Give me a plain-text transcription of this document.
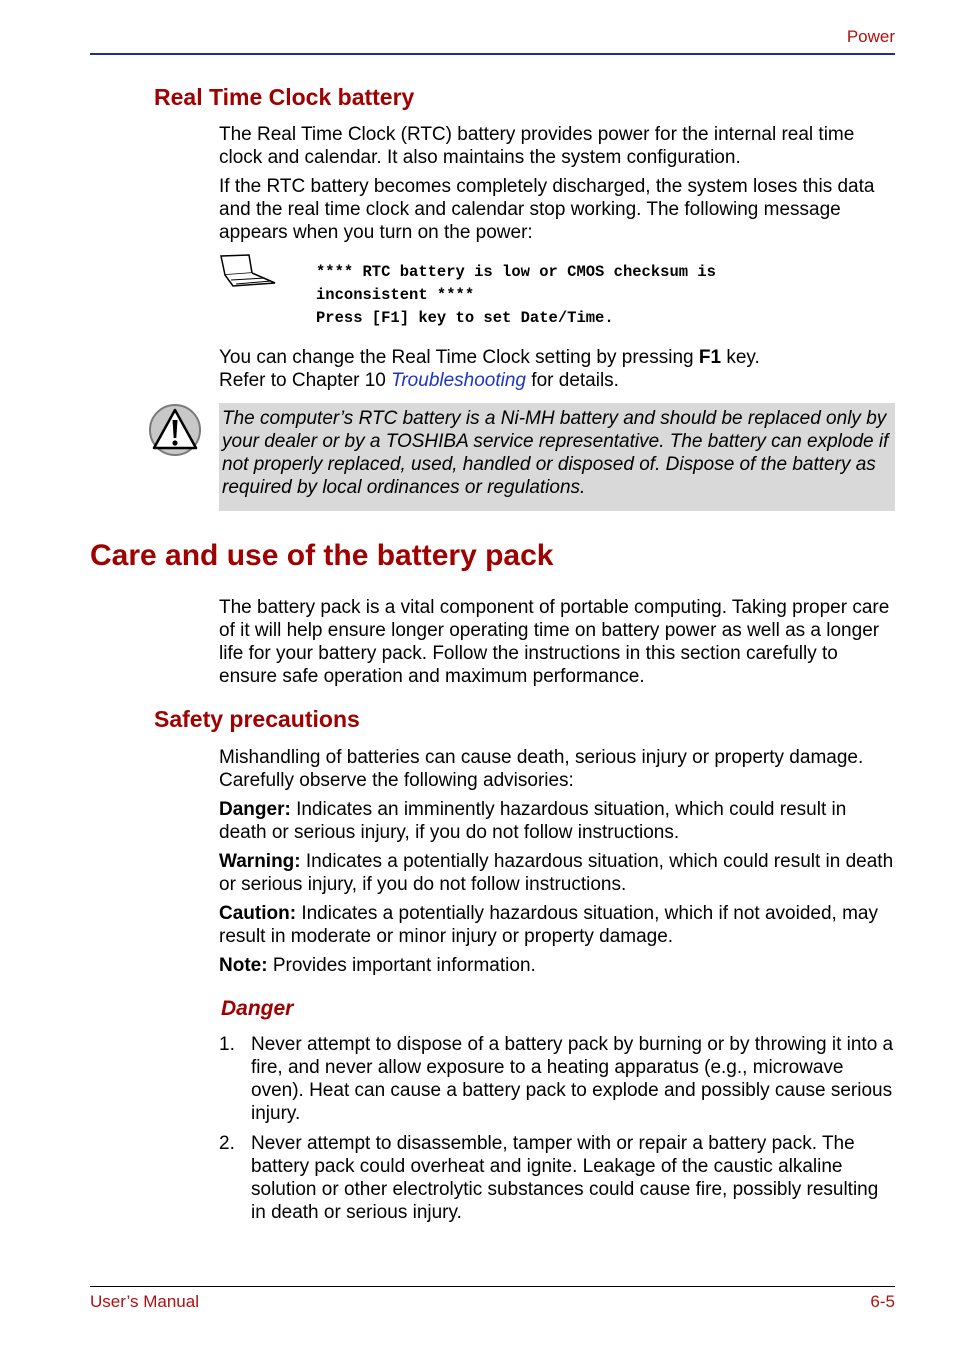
Power
Real Time Clock battery

The Real Time Clock (RTC) battery provides power for the internal real time clock and calendar. It also maintains the system configuration.

If the RTC battery becomes completely discharged, the system loses this data and the real time clock and calendar stop working. The following message appears when you turn on the power:

**** RTC battery is low or CMOS checksum is
inconsistent ****
Press [F1] key to set Date/Time.
You can change the Real Time Clock setting by pressing F1 key.
Refer to Chapter 10 Troubleshooting for details.
The computer’s RTC battery is a Ni-MH battery and should be replaced only by your dealer or by a TOSHIBA service representative. The battery can explode if not properly replaced, used, handled or disposed of. Dispose of the battery as required by local ordinances or regulations.
Care and use of the battery pack
The battery pack is a vital component of portable computing. Taking proper care of it will help ensure longer operating time on battery power as well as a longer life for your battery pack. Follow the instructions in this section carefully to ensure safe operation and maximum performance.
Safety precautions

Mishandling of batteries can cause death, serious injury or property damage. Carefully observe the following advisories:

Danger: Indicates an imminently hazardous situation, which could result in death or serious injury, if you do not follow instructions.

Warning: Indicates a potentially hazardous situation, which could result in death or serious injury, if you do not follow instructions.

Caution: Indicates a potentially hazardous situation, which if not avoided, may result in moderate or minor injury or property damage.

Note: Provides important information.

Danger
1. Never attempt to dispose of a battery pack by burning or by throwing it into a fire, and never allow exposure to a heating apparatus (e.g., microwave oven). Heat can cause a battery pack to explode and possibly cause serious injury.
2. Never attempt to disassemble, tamper with or repair a battery pack. The battery pack could overheat and ignite. Leakage of the caustic alkaline solution or other electrolytic substances could cause fire, possibly resulting in death or serious injury.
User’s Manual	6-5
